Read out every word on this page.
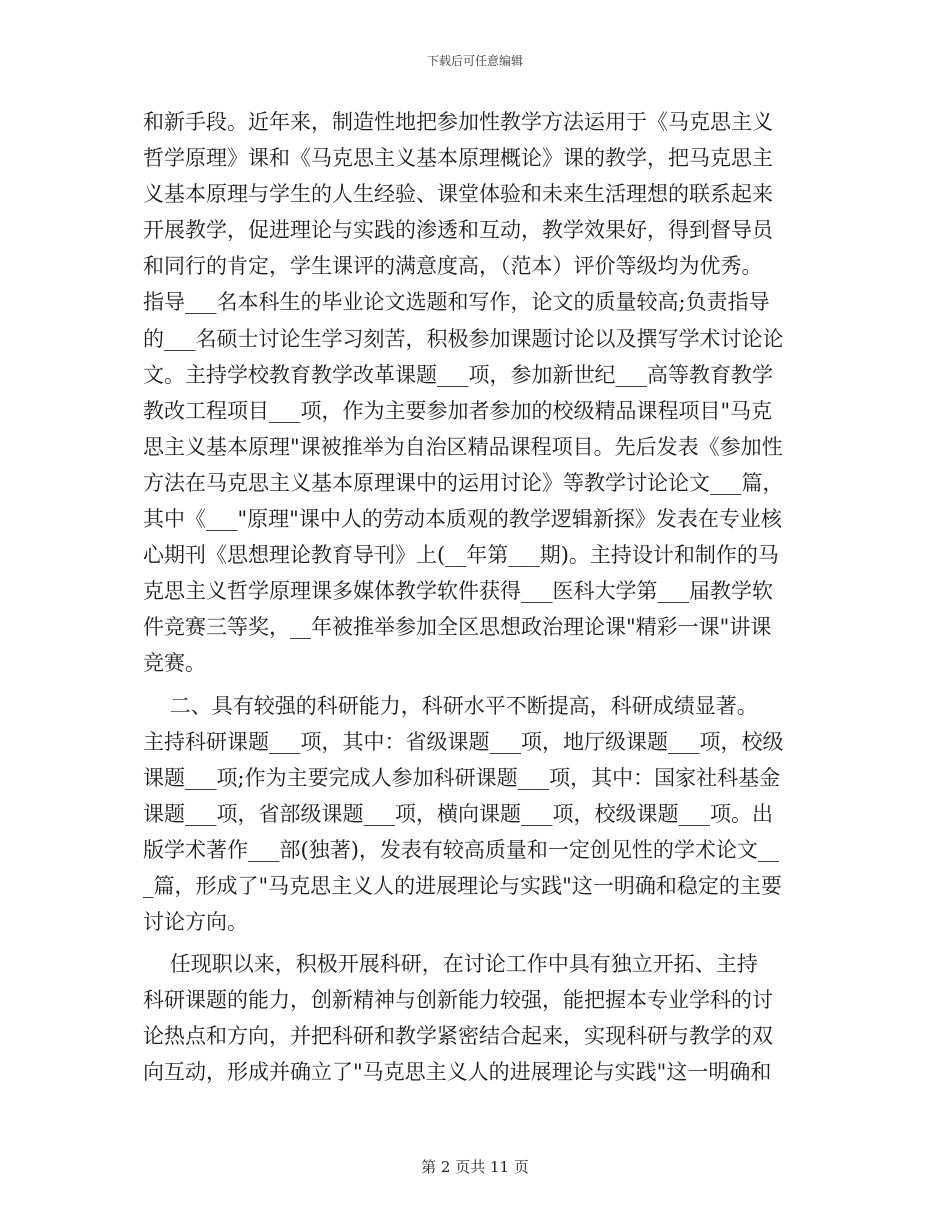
下载后可任意编辑
和新手段。近年来，制造性地把参加性教学方法运用于《马克思主义
哲学原理》课和《马克思主义基本原理概论》课的教学，把马克思主
义基本原理与学生的人生经验、课堂体验和未来生活理想的联系起来
开展教学，促进理论与实践的渗透和互动，教学效果好，得到督导员
和同行的肯定，学生课评的满意度高，（范本）评价等级均为优秀。
指导___名本科生的毕业论文选题和写作，论文的质量较高;负责指导
的___名硕士讨论生学习刻苦，积极参加课题讨论以及撰写学术讨论论
文。主持学校教育教学改革课题___项，参加新世纪___高等教育教学
教改工程项目___项，作为主要参加者参加的校级精品课程项目"马克
思主义基本原理"课被推举为自治区精品课程项目。先后发表《参加性
方法在马克思主义基本原理课中的运用讨论》等教学讨论论文___篇，
其中《___"原理"课中人的劳动本质观的教学逻辑新探》发表在专业核
心期刊《思想理论教育导刊》上(__年第___期)。主持设计和制作的马
克思主义哲学原理课多媒体教学软件获得___医科大学第___届教学软
件竞赛三等奖，__年被推举参加全区思想政治理论课"精彩一课"讲课
竞赛。
二、具有较强的科研能力，科研水平不断提高，科研成绩显著。
主持科研课题___项，其中：省级课题___项，地厅级课题___项，校级
课题___项;作为主要完成人参加科研课题___项，其中：国家社科基金
课题___项，省部级课题___项，横向课题___项，校级课题___项。出
版学术著作___部(独著)，发表有较高质量和一定创见性的学术论文__
_篇，形成了"马克思主义人的进展理论与实践"这一明确和稳定的主要
讨论方向。
任现职以来，积极开展科研，在讨论工作中具有独立开拓、主持
科研课题的能力，创新精神与创新能力较强，能把握本专业学科的讨
论热点和方向，并把科研和教学紧密结合起来，实现科研与教学的双
向互动，形成并确立了"马克思主义人的进展理论与实践"这一明确和
第 2 页共 11 页
